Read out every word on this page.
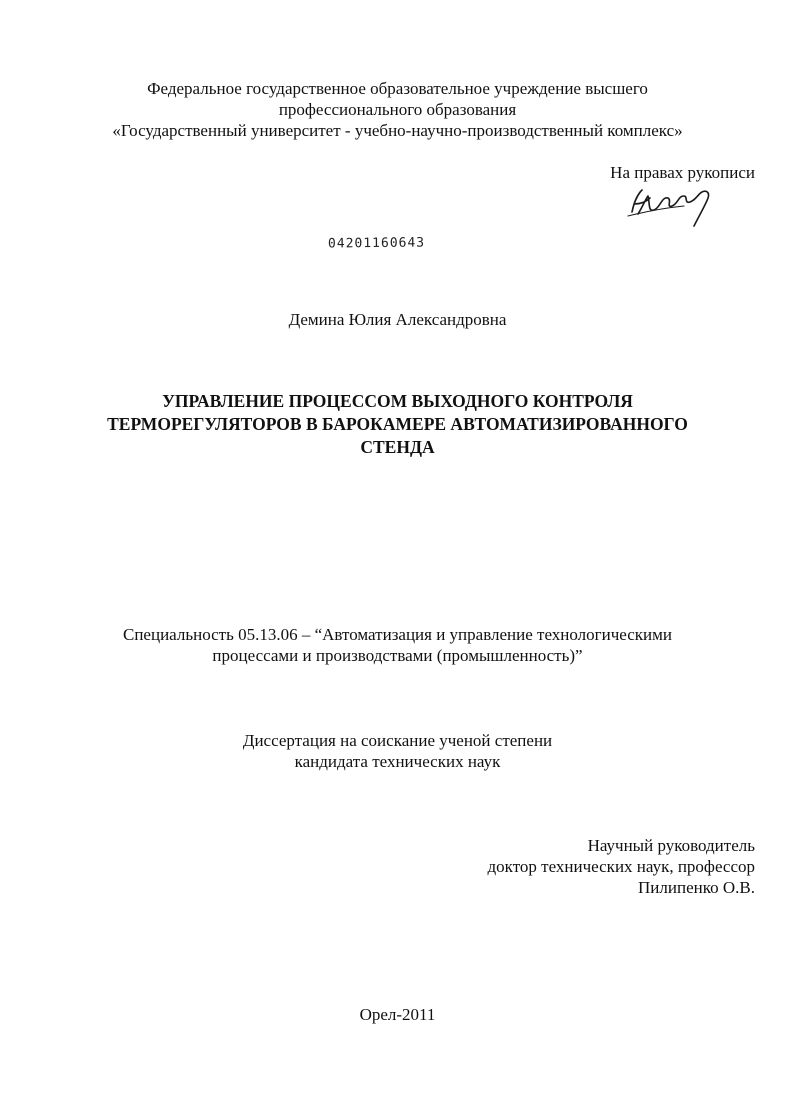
Федеральное государственное образовательное учреждение высшего
профессионального образования
«Государственный университет - учебно-научно-производственный комплекс»
На правах рукописи
04201160643
Демина Юлия Александровна
УПРАВЛЕНИЕ ПРОЦЕССОМ ВЫХОДНОГО КОНТРОЛЯ
ТЕРМОРЕГУЛЯТОРОВ В БАРОКАМЕРЕ АВТОМАТИЗИРОВАННОГО
СТЕНДА
Специальность 05.13.06 – “Автоматизация и управление технологическими
процессами и производствами (промышленность)”
Диссертация на соискание ученой степени
кандидата технических наук
Научный руководитель
доктор технических наук, профессор
Пилипенко О.В.
Орел-2011
